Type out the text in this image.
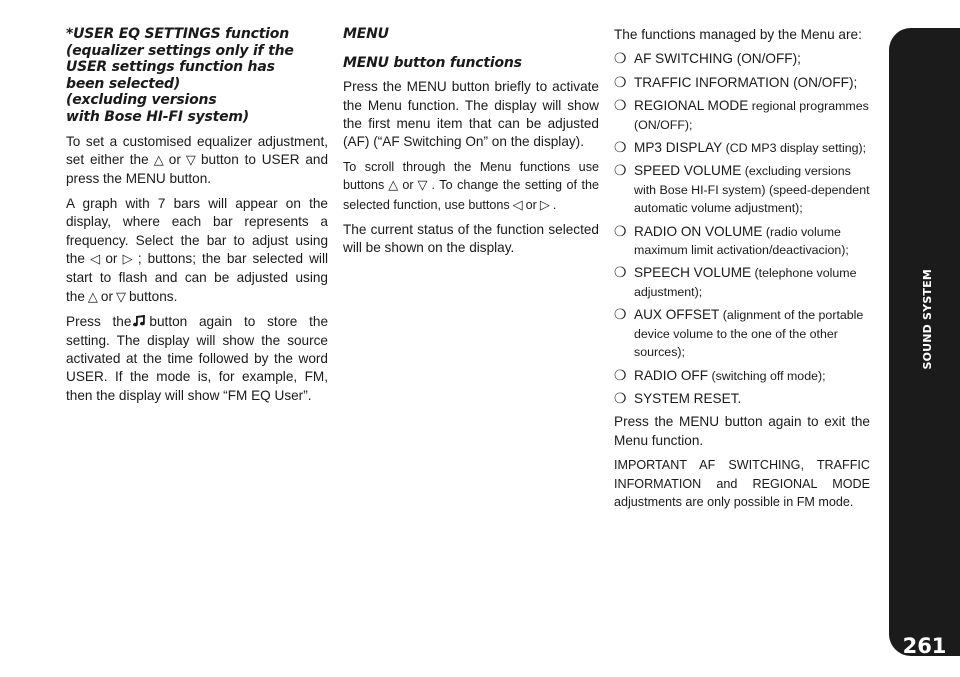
*USER EQ SETTINGS function
(equalizer settings only if the
USER settings function has
been selected)
(excluding versions
with Bose HI-FI system)

To set a customised equalizer adjustment, set either the △ or ▽ button to USER and press the MENU button.

A graph with 7 bars will appear on the display, where each bar represents a frequency. Select the bar to adjust using the ◁ or ▷ ; buttons; the bar selected will start to flash and can be adjusted using the △ or ▽ buttons.

Press the button again to store the setting. The display will show the source activated at the time followed by the word USER. If the mode is, for example, FM, then the display will show “FM EQ User”.

MENU
MENU button functions

Press the MENU button briefly to activate the Menu function. The display will show the first menu item that can be adjusted (AF) (“AF Switching On” on the display).

To scroll through the Menu functions use buttons △ or ▽ . To change the setting of the selected function, use buttons ◁ or ▷ .

The current status of the function selected will be shown on the display.

The functions managed by the Menu are:

❍ AF SWITCHING (ON/OFF);
❍ TRAFFIC INFORMATION (ON/OFF);
❍ REGIONAL MODE regional programmes (ON/OFF);
❍ MP3 DISPLAY (CD MP3 display setting);
❍ SPEED VOLUME (excluding versions with Bose HI-FI system) (speed-dependent automatic volume adjustment);
❍ RADIO ON VOLUME (radio volume maximum limit activation/deactivacion);
❍ SPEECH VOLUME (telephone volume adjustment);
❍ AUX OFFSET (alignment of the portable device volume to the one of the other sources);
❍ RADIO OFF (switching off mode);
❍ SYSTEM RESET.

Press the MENU button again to exit the Menu function.

IMPORTANT AF SWITCHING, TRAFFIC INFORMATION and REGIONAL MODE adjustments are only possible in FM mode.

SOUND SYSTEM
261
